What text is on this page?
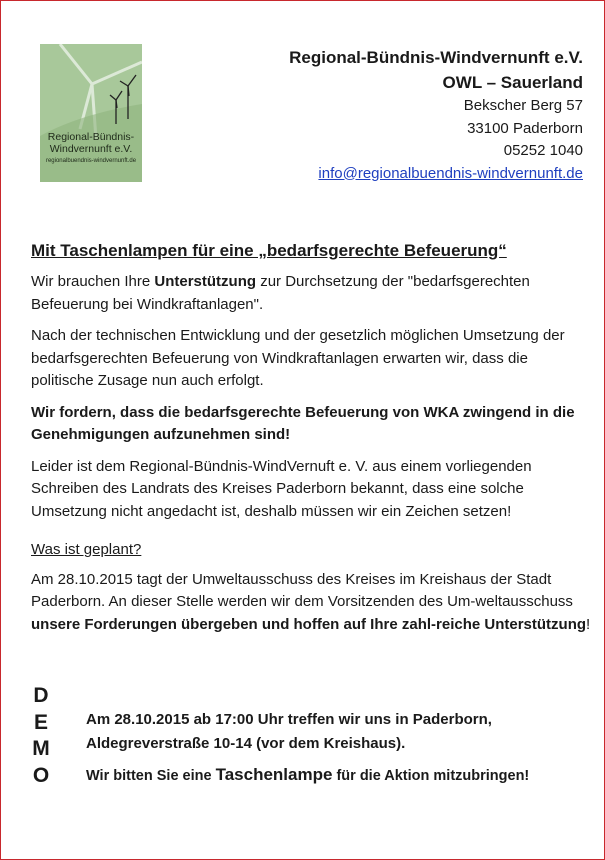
Regional-Bündnis-
Windvernunft e.V.
regionalbuendnis-windvernunft.de
Regional-Bündnis-Windvernunft e.V.
OWL – Sauerland
Bekscher Berg 57
33100 Paderborn
05252 1040
info@regionalbuendnis-windvernunft.de
Mit Taschenlampen für eine „bedarfsgerechte Befeuerung“
Wir brauchen Ihre Unterstützung zur Durchsetzung der "bedarfsgerechten Befeuerung bei Windkraftanlagen".
Nach der technischen Entwicklung und der gesetzlich möglichen Umsetzung der bedarfsgerechten Befeuerung von Windkraftanlagen erwarten wir, dass die politische Zusage nun auch erfolgt.
Wir fordern, dass die bedarfsgerechte Befeuerung von WKA zwingend in die Genehmigungen aufzunehmen sind!
Leider ist dem Regional-Bündnis-WindVernuft e. V. aus einem vorliegenden Schreiben des Landrats des Kreises Paderborn bekannt, dass eine solche Umsetzung nicht angedacht ist, deshalb müssen wir ein Zeichen setzen!
Was ist geplant?
Am 28.10.2015 tagt der Umweltausschuss des Kreises im Kreishaus der Stadt Paderborn. An dieser Stelle werden wir dem Vorsitzenden des Um-weltausschuss unsere Forderungen übergeben und hoffen auf Ihre zahl-reiche Unterstützung!
D
E
M
O
Am 28.10.2015 ab 17:00 Uhr treffen wir uns in Paderborn,
Aldegreverstraße 10-14 (vor dem Kreishaus).
Wir bitten Sie eine Taschenlampe für die Aktion mitzubringen!
